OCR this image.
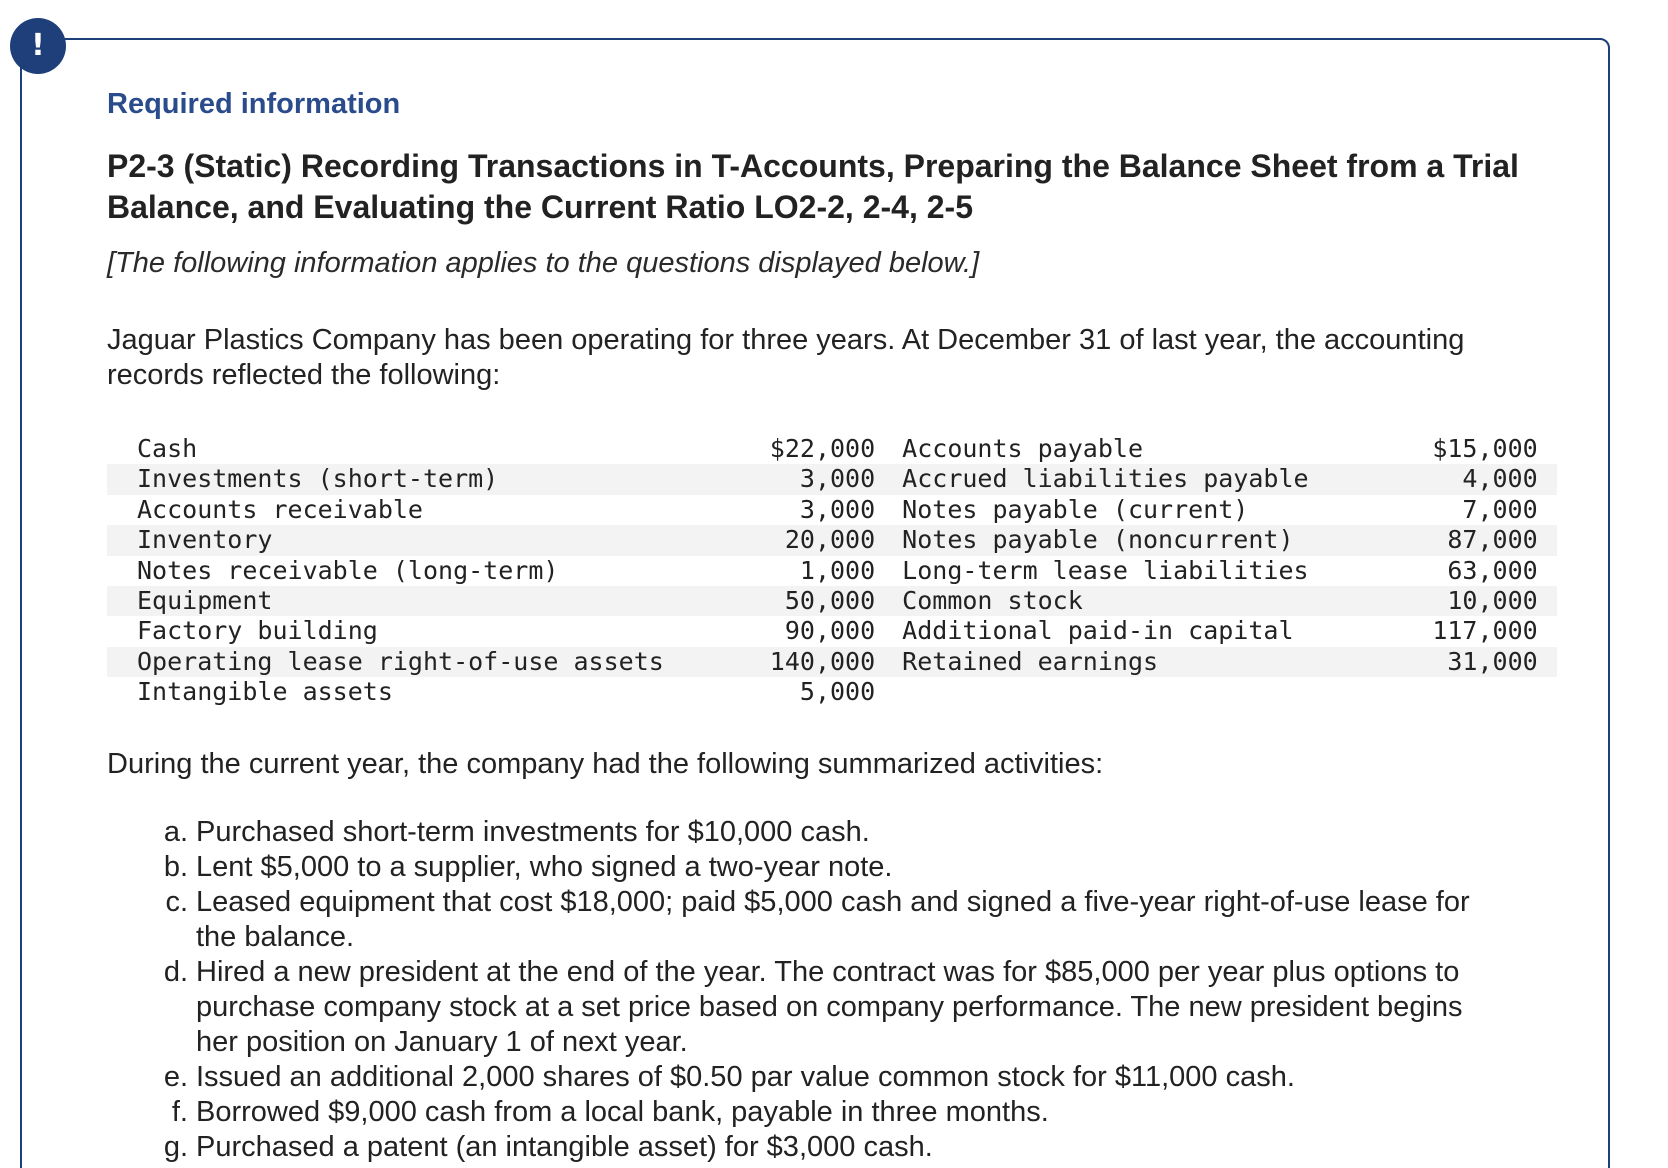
!
Required information
P2-3 (Static) Recording Transactions in T-Accounts, Preparing the Balance Sheet from a Trial Balance, and Evaluating the Current Ratio LO2-2, 2-4, 2-5

[The following information applies to the questions displayed below.]

Jaguar Plastics Company has been operating for three years. At December 31 of last year, the accounting records reflected the following:

Cash	$22,000		Accounts payable	$15,000	
Investments (short-term)	3,000		Accrued liabilities payable	4,000	
Accounts receivable	3,000		Notes payable (current)	7,000	
Inventory	20,000		Notes payable (noncurrent)	87,000	
Notes receivable (long-term)	1,000		Long-term lease liabilities	63,000	
Equipment	50,000		Common stock	10,000	
Factory building	90,000		Additional paid-in capital	117,000	
Operating lease right-of-use assets	140,000		Retained earnings	31,000	
Intangible assets	5,000				

During the current year, the company had the following summarized activities:

a. Purchased short-term investments for $10,000 cash.
b. Lent $5,000 to a supplier, who signed a two-year note.
c. Leased equipment that cost $18,000; paid $5,000 cash and signed a five-year right-of-use lease for the balance.
d. Hired a new president at the end of the year. The contract was for $85,000 per year plus options to purchase company stock at a set price based on company performance. The new president begins her position on January 1 of next year.
e. Issued an additional 2,000 shares of $0.50 par value common stock for $11,000 cash.
f. Borrowed $9,000 cash from a local bank, payable in three months.
g. Purchased a patent (an intangible asset) for $3,000 cash.
